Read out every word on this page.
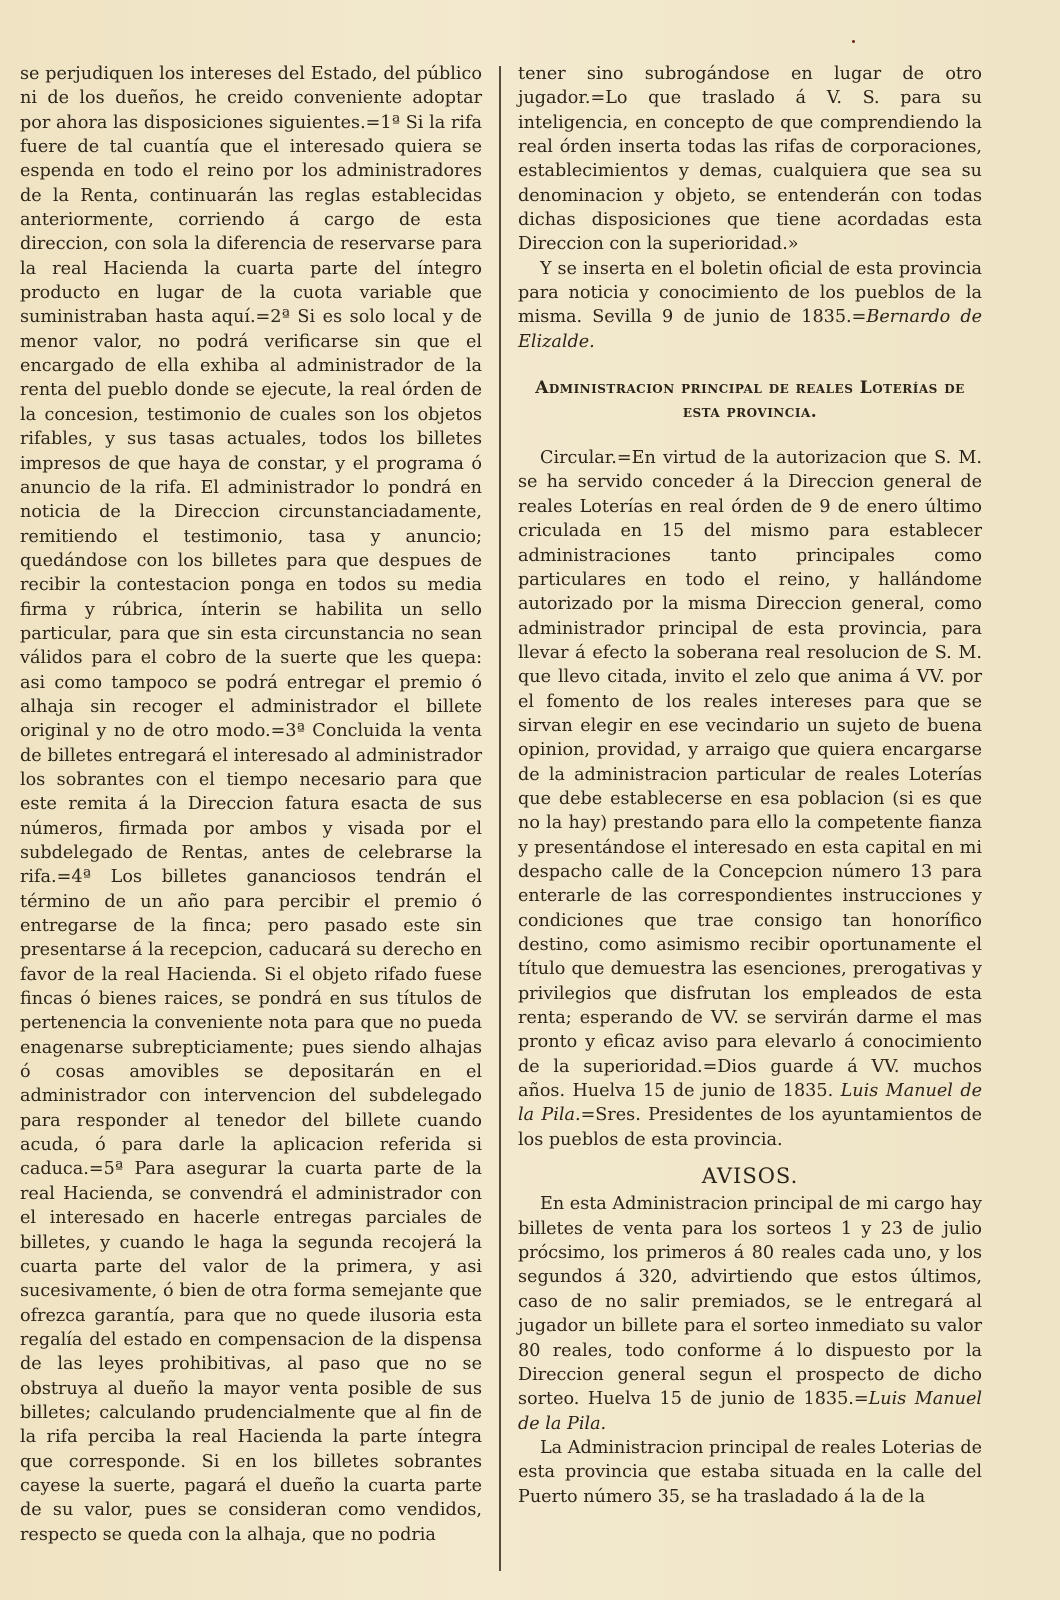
se perjudiquen los intereses del Estado, del público ni de los dueños, he creido conveniente adoptar por ahora las disposiciones siguientes.=1ª Si la rifa fuere de tal cuantía que el interesado quiera se espenda en todo el reino por los administradores de la Renta, continuarán las reglas establecidas anteriormente, corriendo á cargo de esta direccion, con sola la diferencia de reservarse para la real Hacienda la cuarta parte del íntegro producto en lugar de la cuota variable que suministraban hasta aquí.=2ª Si es solo local y de menor valor, no podrá verificarse sin que el encargado de ella exhiba al administrador de la renta del pueblo donde se ejecute, la real órden de la concesion, testimonio de cuales son los objetos rifables, y sus tasas actuales, todos los billetes impresos de que haya de constar, y el programa ó anuncio de la rifa. El administrador lo pondrá en noticia de la Direccion circunstanciadamente, remitiendo el testimonio, tasa y anuncio; quedándose con los billetes para que despues de recibir la contestacion ponga en todos su media firma y rúbrica, ínterin se habilita un sello particular, para que sin esta circunstancia no sean válidos para el cobro de la suerte que les quepa: asi como tampoco se podrá entregar el premio ó alhaja sin recoger el administrador el billete original y no de otro modo.=3ª Concluida la venta de billetes entregará el interesado al administrador los sobrantes con el tiempo necesario para que este remita á la Direccion fatura esacta de sus números, firmada por ambos y visada por el subdelegado de Rentas, antes de celebrarse la rifa.=4ª Los billetes gananciosos tendrán el término de un año para percibir el premio ó entregarse de la finca; pero pasado este sin presentarse á la recepcion, caducará su derecho en favor de la real Hacienda. Si el objeto rifado fuese fincas ó bienes raices, se pondrá en sus títulos de pertenencia la conveniente nota para que no pueda enagenarse subrepticiamente; pues siendo alhajas ó cosas amovibles se depositarán en el administrador con intervencion del subdelegado para responder al tenedor del billete cuando acuda, ó para darle la aplicacion referida si caduca.=5ª Para asegurar la cuarta parte de la real Hacienda, se convendrá el administrador con el interesado en hacerle entregas parciales de billetes, y cuando le haga la segunda recojerá la cuarta parte del valor de la primera, y asi sucesivamente, ó bien de otra forma semejante que ofrezca garantía, para que no quede ilusoria esta regalía del estado en compensacion de la dispensa de las leyes prohibitivas, al paso que no se obstruya al dueño la mayor venta posible de sus billetes; calculando prudencialmente que al fin de la rifa perciba la real Hacienda la parte íntegra que corresponde. Si en los billetes sobrantes cayese la suerte, pagará el dueño la cuarta parte de su valor, pues se consideran como vendidos, respecto se queda con la alhaja, que no podria

tener sino subrogándose en lugar de otro jugador.=Lo que traslado á V. S. para su inteligencia, en concepto de que comprendiendo la real órden inserta todas las rifas de corporaciones, establecimientos y demas, cualquiera que sea su denominacion y objeto, se entenderán con todas dichas disposiciones que tiene acordadas esta Direccion con la superioridad.»

Y se inserta en el boletin oficial de esta provincia para noticia y conocimiento de los pueblos de la misma. Sevilla 9 de junio de 1835.=Bernardo de Elizalde.

Administracion principal de reales Loterías de esta provincia.

Circular.=En virtud de la autorizacion que S. M. se ha servido conceder á la Direccion general de reales Loterías en real órden de 9 de enero último criculada en 15 del mismo para establecer administraciones tanto principales como particulares en todo el reino, y hallándome autorizado por la misma Direccion general, como administrador principal de esta provincia, para llevar á efecto la soberana real resolucion de S. M. que llevo citada, invito el zelo que anima á VV. por el fomento de los reales intereses para que se sirvan elegir en ese vecindario un sujeto de buena opinion, providad, y arraigo que quiera encargarse de la administracion particular de reales Loterías que debe establecerse en esa poblacion (si es que no la hay) prestando para ello la competente fianza y presentándose el interesado en esta capital en mi despacho calle de la Concepcion número 13 para enterarle de las correspondientes instrucciones y condiciones que trae consigo tan honorífico destino, como asimismo recibir oportunamente el título que demuestra las esenciones, prerogativas y privilegios que disfrutan los empleados de esta renta; esperando de VV. se servirán darme el mas pronto y eficaz aviso para elevarlo á conocimiento de la superioridad.=Dios guarde á VV. muchos años. Huelva 15 de junio de 1835. Luis Manuel de la Pila.=Sres. Presidentes de los ayuntamientos de los pueblos de esta provincia.

AVISOS.

En esta Administracion principal de mi cargo hay billetes de venta para los sorteos 1 y 23 de julio prócsimo, los primeros á 80 reales cada uno, y los segundos á 320, advirtiendo que estos últimos, caso de no salir premiados, se le entregará al jugador un billete para el sorteo inmediato su valor 80 reales, todo conforme á lo dispuesto por la Direccion general segun el prospecto de dicho sorteo. Huelva 15 de junio de 1835.=Luis Manuel de la Pila.

La Administracion principal de reales Loterias de esta provincia que estaba situada en la calle del Puerto número 35, se ha trasladado á la de la
